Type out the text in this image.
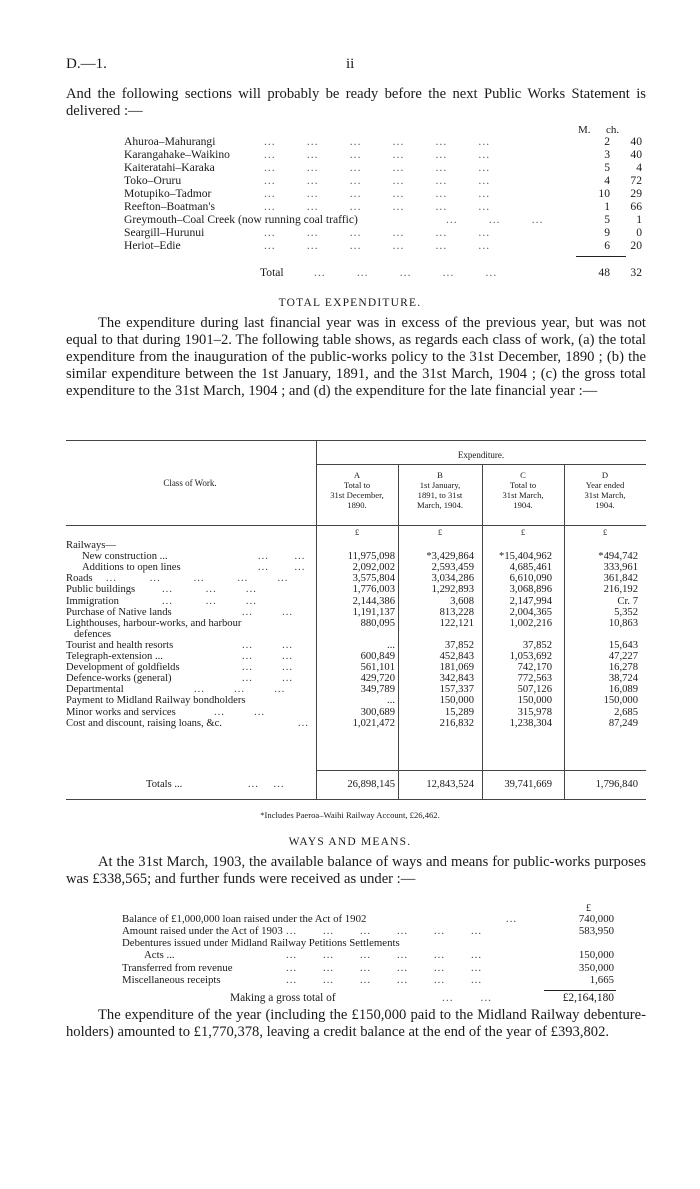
D.—1.	ii
And the following sections will probably be ready before the next Public Works Statement is delivered :—
M. ch.
Ahuroa–Mahurangi	...        ...        ...        ...        ...        ...	2	40
Karangahake–Waikino	...        ...        ...        ...        ...        ...	3	40
Kaiteratahi–Karaka	...        ...        ...        ...        ...        ...	5	4
Toko–Oruru	...        ...        ...        ...        ...        ...	4	72
Motupiko–Tadmor	...        ...        ...        ...        ...        ...	10	29
Reefton–Boatman's	...        ...        ...        ...        ...        ...	1	66
Greymouth–Coal Creek (now running coal traffic)	...        ...        ...	5	1
Seargill–Hurunui	...        ...        ...        ...        ...        ...	9	0
Heriot–Edie	...        ...        ...        ...        ...        ...	6	20
Total	...        ...        ...        ...        ...	48	32
TOTAL EXPENDITURE.
The expenditure during last financial year was in excess of the previous year, but was not equal to that during 1901–2. The following table shows, as regards each class of work, (a) the total expenditure from the inauguration of the public-works policy to the 31st December, 1890 ; (b) the similar expenditure between the 1st January, 1891, and the 31st March, 1904 ; (c) the gross total expenditure to the 31st March, 1904 ; and (d) the expenditure for the late financial year :—
Class of Work.
Expenditure.
A
Total to
31st December,
1890.
£
B
1st January,
1891, to 31st
March, 1904.
£
C
Total to
31st March,
1904.
£
D
Year ended
31st March,
1904.
£
Railways—
New construction ...	...       ...	11,975,098	*3,429,864	*15,404,962	*494,742
Additions to open lines	...       ...	2,092,002	2,593,459	4,685,461	333,961
Roads ...         ...         ...         ...        ...	3,575,804	3,034,286	6,610,090	361,842
Public buildings	...         ...        ...	1,776,003	1,292,893	3,068,896	216,192
Immigration	...         ...        ...	2,144,386	3,608	2,147,994	Cr. 7
Purchase of Native lands	...        ...	1,191,137	813,228	2,004,365	5,352
Lighthouses, harbour-works, and harbour	880,095	122,121	1,002,216	10,863
defences
Tourist and health resorts	...        ...	...	37,852	37,852	15,643
Telegraph-extension ...	...        ...	600,849	452,843	1,053,692	47,227
Development of goldfields	...        ...	561,101	181,069	742,170	16,278
Defence-works (general)	...        ...	429,720	342,843	772,563	38,724
Departmental	...        ...        ...	349,789	157,337	507,126	16,089
Payment to Midland Railway bondholders	...	150,000	150,000	150,000
Minor works and services	...        ...	300,689	15,289	315,978	2,685
Cost and discount, raising loans, &c.	...	1,021,472	216,832	1,238,304	87,249
Totals ...	...    ...	26,898,145	12,843,524	39,741,669	1,796,840
*Includes Paeroa–Waihi Railway Account, £26,462.
WAYS AND MEANS.
At the 31st March, 1903, the available balance of ways and means for public-works purposes was £338,565; and further funds were received as under :—
£
Balance of £1,000,000 loan raised under the Act of 1902	...	740,000
Amount raised under the Act of 1903 ...       ...       ...       ...       ...       ...	583,950
Debentures issued under Midland Railway Petitions Settlements
Acts ...	...       ...       ...       ...       ...       ...	150,000
Transferred from revenue	...       ...       ...       ...       ...       ...	350,000
Miscellaneous receipts	...       ...       ...       ...       ...       ...	1,665
Making a gross total of	...       ...	£2,164,180
The expenditure of the year (including the £150,000 paid to the Midland Railway debenture-holders) amounted to £1,770,378, leaving a credit balance at the end of the year of £393,802.
